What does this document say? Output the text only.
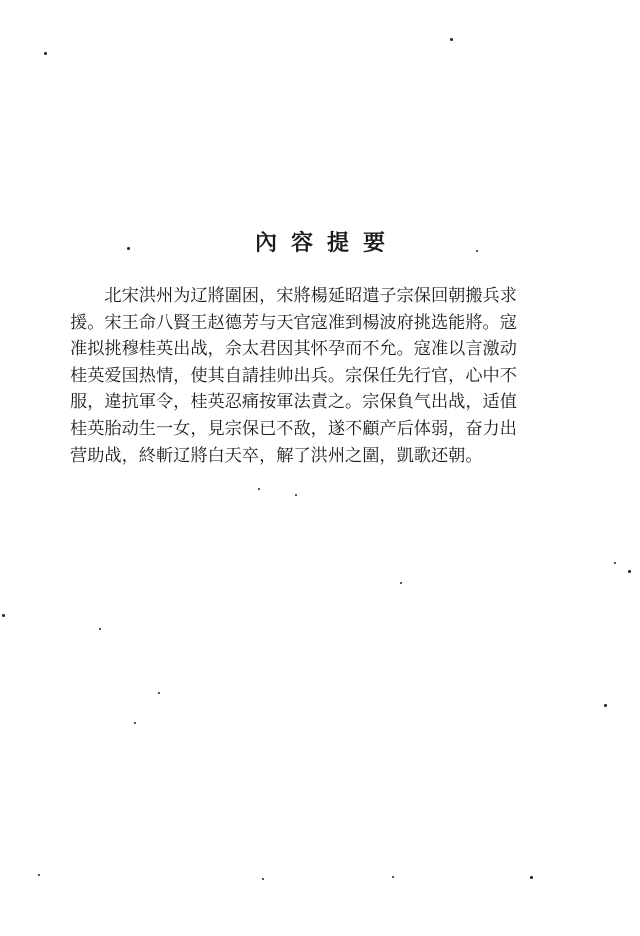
內容提要
　　北宋洪州为辽將圍困，宋將楊延昭遣子宗保回朝搬兵求
援。宋王命八賢王赵德芳与天官寇准到楊波府挑选能將。寇
准拟挑穆桂英出战，佘太君因其怀孕而不允。寇准以言激动
桂英爱国热情，使其自請挂帅出兵。宗保任先行官，心中不
服，違抗軍令，桂英忍痛按軍法責之。宗保負气出战，适值
桂英胎动生一女，見宗保已不敌，遂不顧产后体弱，奋力出
营助战，終斬辽將白天卒，解了洪州之圍，凱歌还朝。
